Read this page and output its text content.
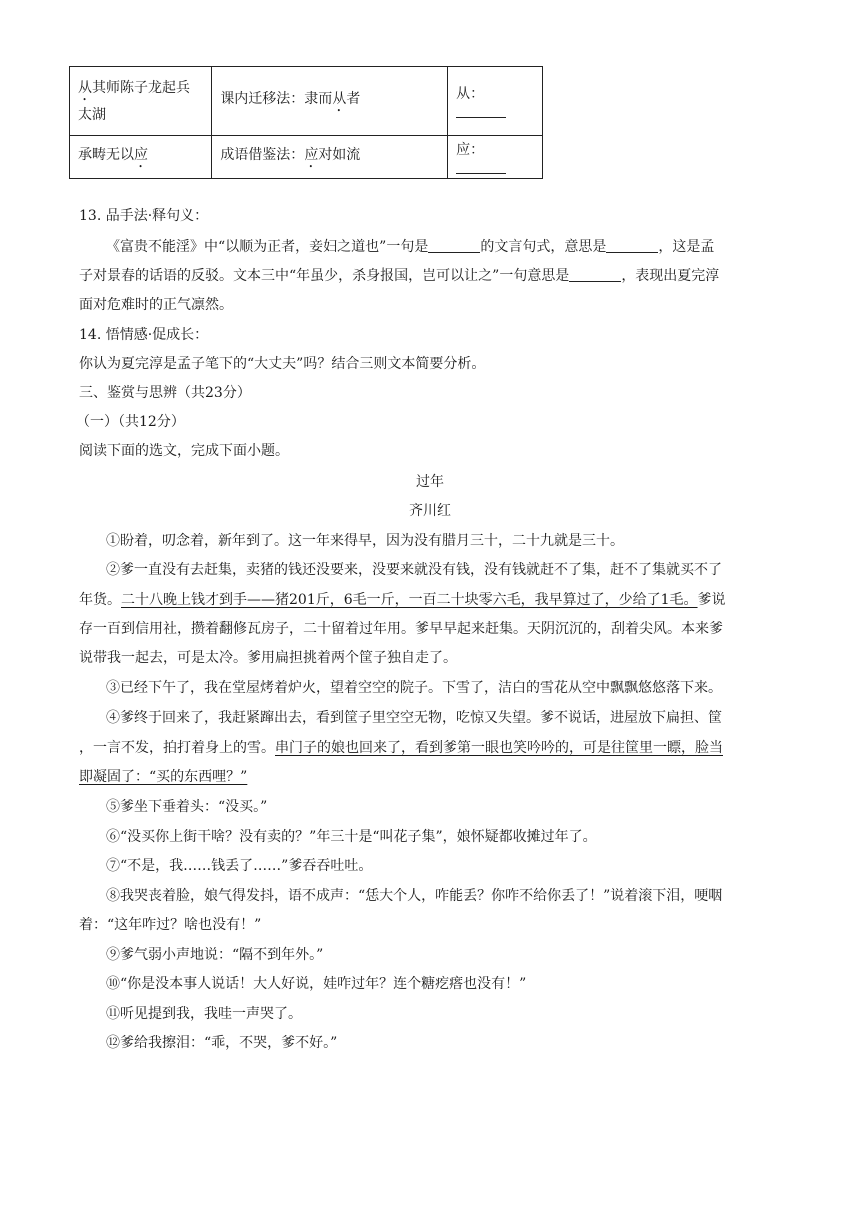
从其师陈子龙起兵
太湖	课内迁移法：隶而从者	从：
承畴无以应	成语借鉴法：应对如流	应：
13. 品手法·释句义：
《富贵不能淫》中“以顺为正者，妾妇之道也”一句是	的文言句式，意思是	，这是孟
子对景春的话语的反驳。文本三中“年虽少，杀身报国，岂可以让之”一句意思是	，表现出夏完淳
面对危难时的正气凛然。
14. 悟情感·促成长：
你认为夏完淳是孟子笔下的“大丈夫”吗？结合三则文本简要分析。
三、鉴赏与思辨（共23分）
（一）（共12分）
阅读下面的选文，完成下面小题。
过年
齐川红
①盼着，叨念着，新年到了。这一年来得早，因为没有腊月三十，二十九就是三十。
②爹一直没有去赶集，卖猪的钱还没要来，没要来就没有钱，没有钱就赶不了集，赶不了集就买不了
年货。二十八晚上钱才到手——猪201斤，6毛一斤，一百二十块零六毛，我早算过了，少给了1毛。爹说
存一百到信用社，攒着翻修瓦房子，二十留着过年用。爹早早起来赶集。天阴沉沉的，刮着尖风。本来爹
说带我一起去，可是太冷。爹用扁担挑着两个筐子独自走了。
③已经下午了，我在堂屋烤着炉火，望着空空的院子。下雪了，洁白的雪花从空中飘飘悠悠落下来。
④爹终于回来了，我赶紧蹿出去，看到筐子里空空无物，吃惊又失望。爹不说话，进屋放下扁担、筐
，一言不发，拍打着身上的雪。串门子的娘也回来了，看到爹第一眼也笑吟吟的，可是往筐里一瞟，脸当
即凝固了：“买的东西哩？”
⑤爹坐下垂着头：“没买。”
⑥“没买你上街干啥？没有卖的？”年三十是“叫花子集”，娘怀疑都收摊过年了。
⑦“不是，我……钱丢了……”爹吞吞吐吐。
⑧我哭丧着脸，娘气得发抖，语不成声：“恁大个人，咋能丢？你咋不给你丢了！”说着滚下泪，哽咽
着：“这年咋过？啥也没有！”
⑨爹气弱小声地说：“隔不到年外。”
⑩“你是没本事人说话！大人好说，娃咋过年？连个糖疙瘩也没有！”
⑪听见提到我，我哇一声哭了。
⑫爹给我擦泪：“乖，不哭，爹不好。”
